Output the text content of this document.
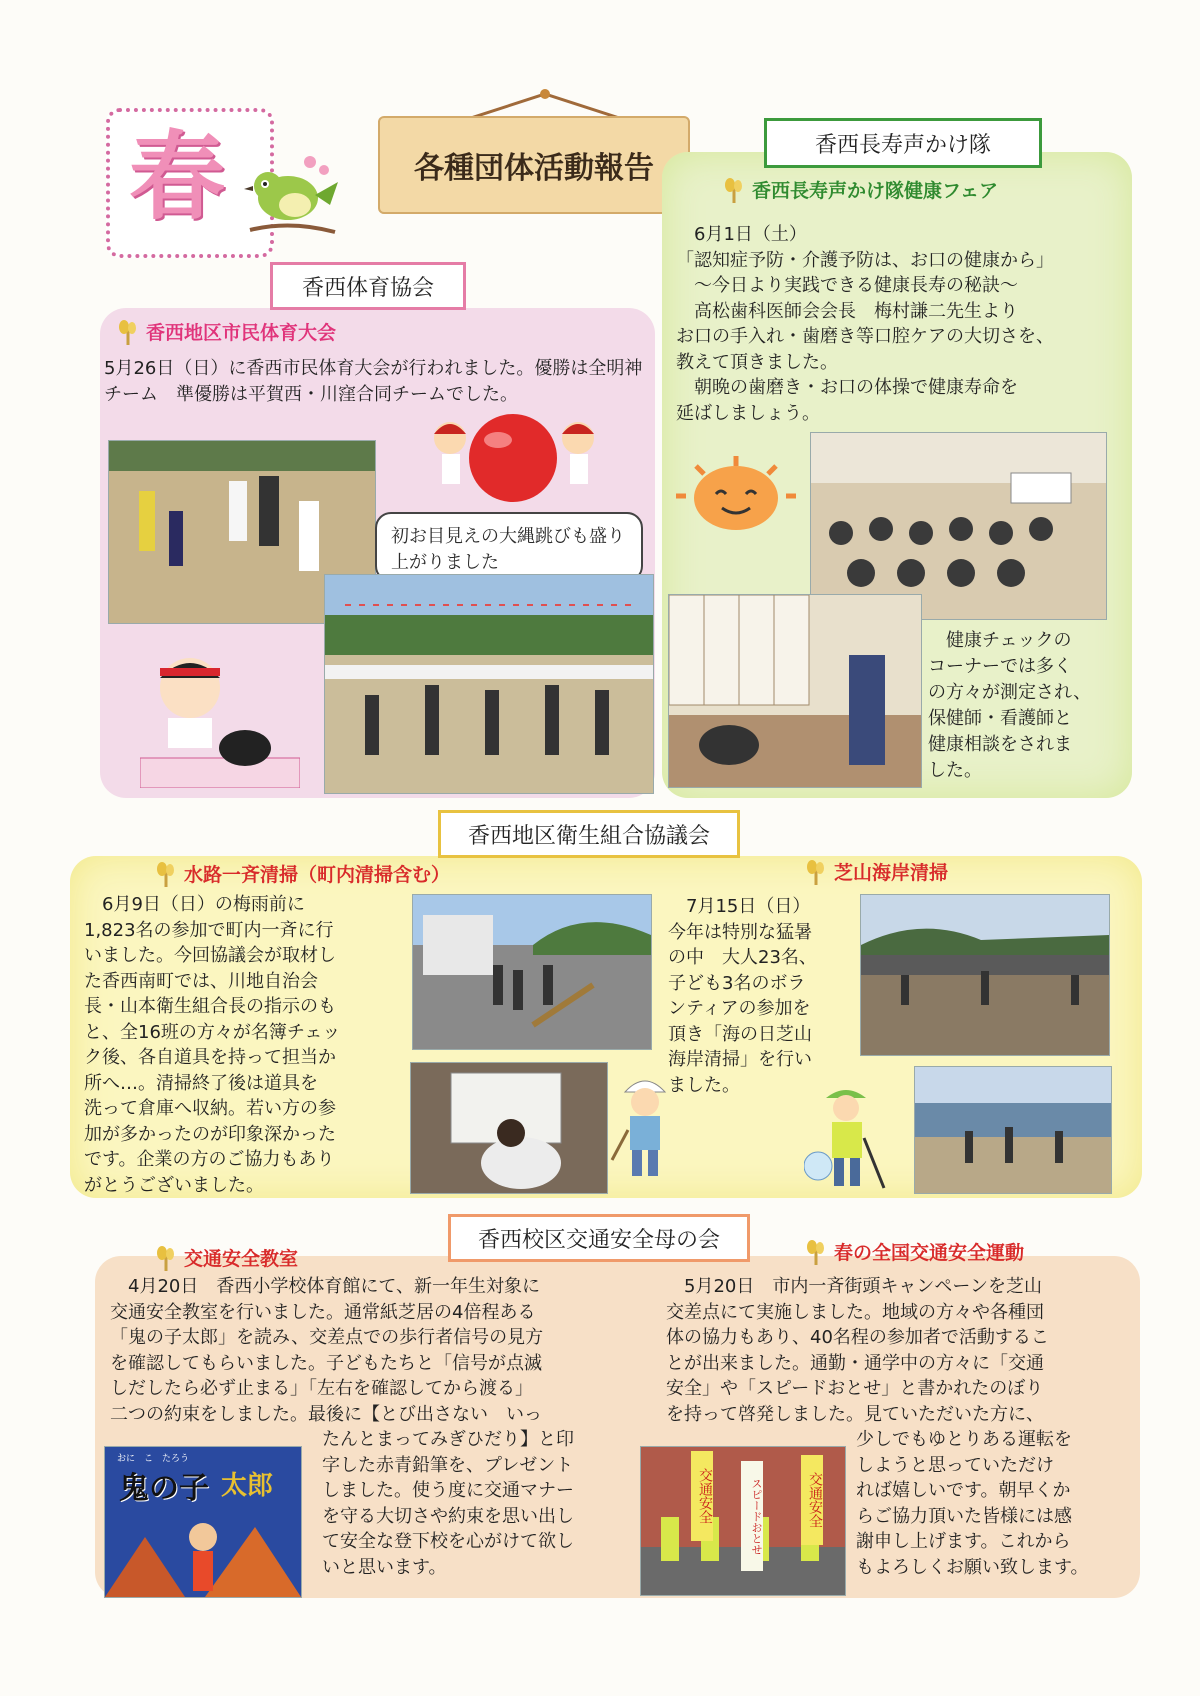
春	各種団体活動報告
香西体育協会
香西地区市民体育大会
5月26日（日）に香西市民体育大会が行われました。優勝は全明神チーム　準優勝は平賀西・川窪合同チームでした。
初お目見えの大縄跳びも盛り上がりました
香西長寿声かけ隊
香西長寿声かけ隊健康フェア
　6月1日（土）
「認知症予防・介護予防は、お口の健康から」
　～今日より実践できる健康長寿の秘訣～
　高松歯科医師会会長　梅村謙二先生より
お口の手入れ・歯磨き等口腔ケアの大切さを、
教えて頂きました。
　朝晩の歯磨き・お口の体操で健康寿命を
延ばしましょう。
　健康チェックの
コーナーでは多く
の方々が測定され、
保健師・看護師と
健康相談をされま
した。
香西地区衛生組合協議会
水路一斉清掃（町内清掃含む）
　6月9日（日）の梅雨前に
1,823名の参加で町内一斉に行
いました。今回協議会が取材し
た香西南町では、川地自治会
長・山本衛生組合長の指示のも
と、全16班の方々が名簿チェッ
ク後、各自道具を持って担当か
所へ…。清掃終了後は道具を
洗って倉庫へ収納。若い方の参
加が多かったのが印象深かった
です。企業の方のご協力もあり
がとうございました。
芝山海岸清掃
　7月15日（日）
今年は特別な猛暑
の中　大人23名、
子ども3名のボラ
ンティアの参加を
頂き「海の日芝山
海岸清掃」を行い
ました。
香西校区交通安全母の会
交通安全教室
　4月20日　香西小学校体育館にて、新一年生対象に
交通安全教室を行いました。通常紙芝居の4倍程ある
「鬼の子太郎」を読み、交差点での歩行者信号の見方
を確認してもらいました。子どもたちと「信号が点滅
しだしたら必ず止まる」「左右を確認してから渡る」
二つの約束をしました。最後に【とび出さない　いっ
おに　こ　たろう
鬼の子 太郎
たんとまってみぎひだり】と印
字した赤青鉛筆を、プレゼント
しました。使う度に交通マナー
を守る大切さや約束を思い出し
て安全な登下校を心がけて欲し
いと思います。
春の全国交通安全運動
　5月20日　市内一斉街頭キャンペーンを芝山
交差点にて実施しました。地域の方々や各種団
体の協力もあり、40名程の参加者で活動するこ
とが出来ました。通勤・通学中の方々に「交通
安全」や「スピードおとせ」と書かれたのぼり
を持って啓発しました。見ていただいた方に、
交通安全	スピードおとせ	交通安全
少しでもゆとりある運転を
しようと思っていただけ
れば嬉しいです。朝早くか
らご協力頂いた皆様には感
謝申し上げます。これから
もよろしくお願い致します。
